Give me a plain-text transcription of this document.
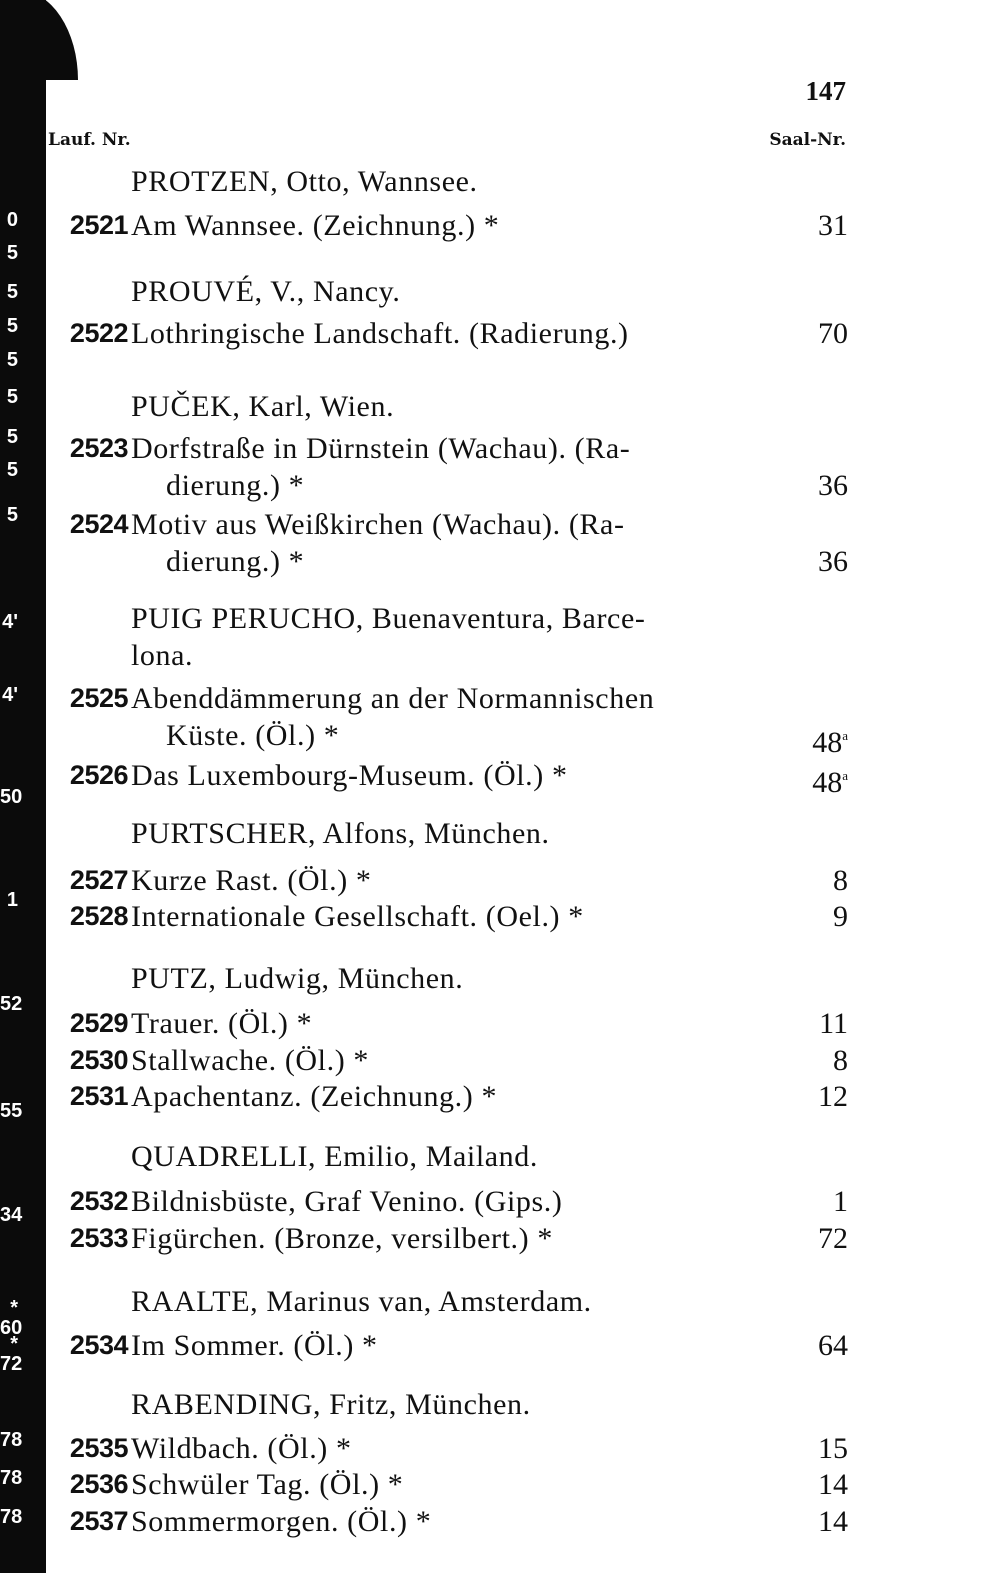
0
5
5
5
5
5
5
5
5
4'
4'
50
1
52
55
34
* 60
* 72
78
78
78
147
Lauf. Nr.	Saal-Nr.
PROTZEN, Otto, Wannsee.
2521 Am Wannsee. (Zeichnung.) *	31
PROUVÉ, V., Nancy.
2522 Lothringische Landschaft. (Radierung.)	70
PUČEK, Karl, Wien.
2523 Dorfstraße in Dürnstein (Wachau). (Ra-
dierung.) *	36
2524 Motiv aus Weißkirchen (Wachau). (Ra-
dierung.) *	36
PUIG PERUCHO, Buenaventura, Barce-
lona.
2525 Abenddämmerung an der Normannischen
Küste. (Öl.) *	48$^a$
2526 Das Luxembourg-Museum. (Öl.) *	48$^a$
PURTSCHER, Alfons, München.
2527 Kurze Rast. (Öl.) *	8
2528 Internationale Gesellschaft. (Oel.) *	9
PUTZ, Ludwig, München.
2529 Trauer. (Öl.) *	11
2530 Stallwache. (Öl.) *	8
2531 Apachentanz. (Zeichnung.) *	12
QUADRELLI, Emilio, Mailand.
2532 Bildnisbüste, Graf Venino. (Gips.)	1
2533 Figürchen. (Bronze, versilbert.) *	72
RAALTE, Marinus van, Amsterdam.
2534 Im Sommer. (Öl.) *	64
RABENDING, Fritz, München.
2535 Wildbach. (Öl.) *	15
2536 Schwüler Tag. (Öl.) *	14
2537 Sommermorgen. (Öl.) *	14
